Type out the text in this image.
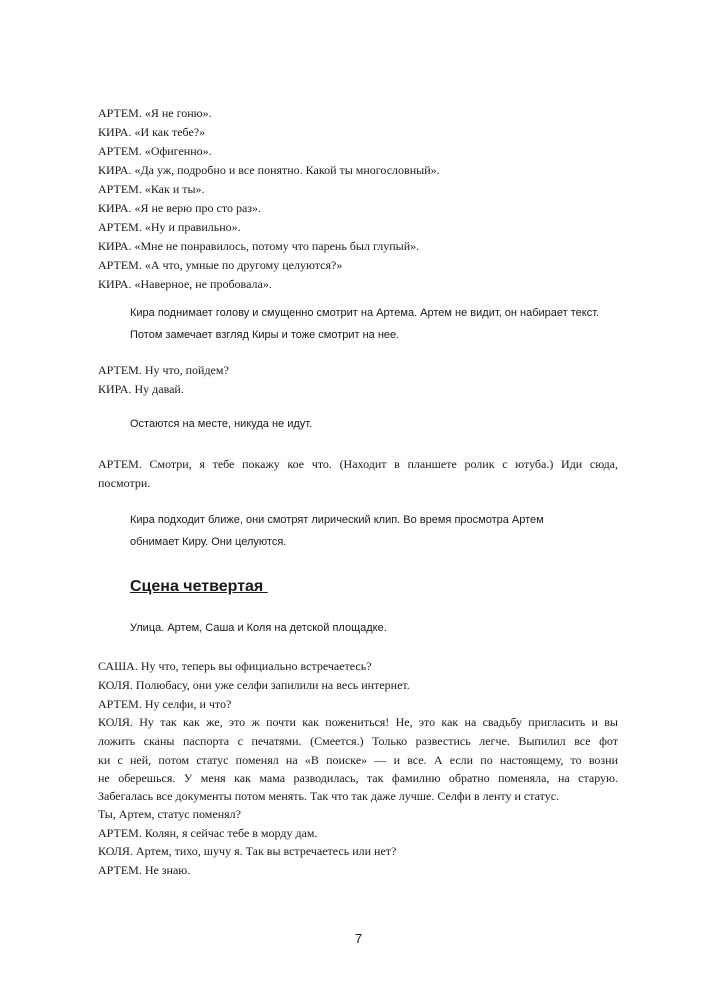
АРТЕМ. «Я не гоню».

КИРА. «И как тебе?»

АРТЕМ. «Офигенно».

КИРА. «Да уж, подробно и все понятно. Какой ты многословный».

АРТЕМ. «Как и ты».

КИРА. «Я не верю про сто раз».

АРТЕМ. «Ну и правильно».

КИРА. «Мне не понравилось, потому что парень был глупый».

АРТЕМ. «А что, умные по другому целуются?»

КИРА. «Наверное, не пробовала».

Кира поднимает голову и смущенно смотрит на Артема. Артем не видит, он набирает текст. Потом замечает взгляд Киры и тоже смотрит на нее.

АРТЕМ. Ну что, пойдем?

КИРА. Ну давай.

Остаются на месте, никуда не идут.

АРТЕМ. Смотри, я тебе покажу кое что. (Находит в планшете ролик с ютуба.) Иди сюда,

посмотри.

Кира подходит ближе, они смотрят лирический клип. Во время просмотра Артем обнимает Киру. Они целуются.

Сцена четвертая

Улица. Артем, Саша и Коля на детской площадке.

САША. Ну что, теперь вы официально встречаетесь?

КОЛЯ. Полюбасу, они уже селфи запилили на весь интернет.

АРТЕМ. Ну селфи, и что?

КОЛЯ. Ну так как же, это ж почти как пожениться! Не, это как на свадьбу пригласить и вы

ложить сканы паспорта с печатями. (Смеется.) Только развестись легче. Выпилил все фот

ки с ней, потом статус поменял на «В поиске» — и все. А если по настоящему, то возни

не оберешься. У меня как мама разводилась, так фамилию обратно поменяла, на старую.

Забегалась все документы потом менять. Так что так даже лучше. Селфи в ленту и статус.

Ты, Артем, статус поменял?

АРТЕМ. Колян, я сейчас тебе в морду дам.

КОЛЯ. Артем, тихо, шучу я. Так вы встречаетесь или нет?

АРТЕМ. Не знаю.

7
